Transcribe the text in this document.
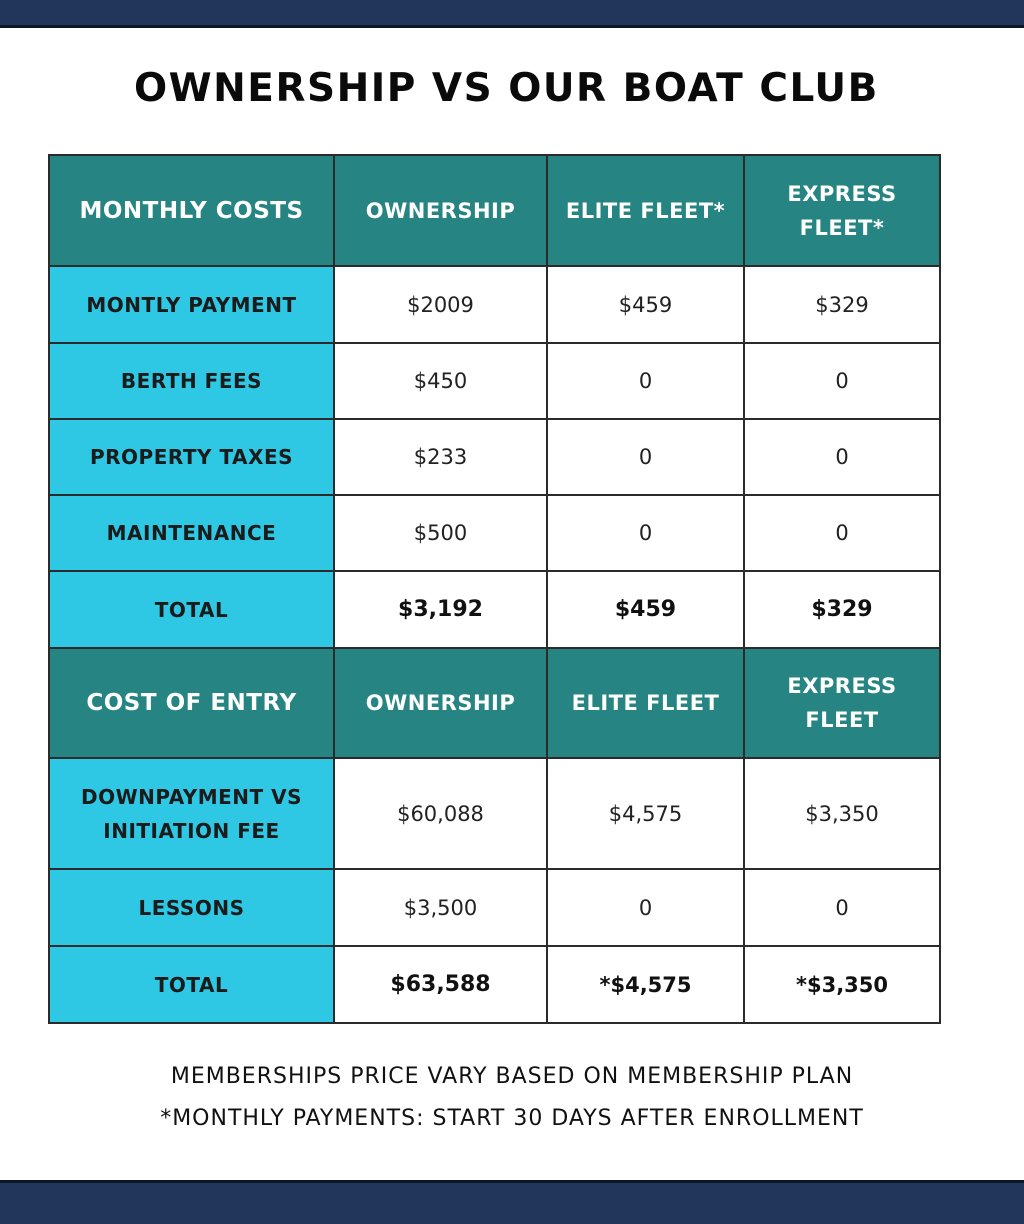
OWNERSHIP VS OUR BOAT CLUB
MONTHLY COSTS	OWNERSHIP	ELITE FLEET*	EXPRESS FLEET*
MONTLY PAYMENT	$2009	$459	$329
BERTH FEES	$450	0	0
PROPERTY TAXES	$233	0	0
MAINTENANCE	$500	0	0
TOTAL	$3,192	$459	$329
COST OF ENTRY	OWNERSHIP	ELITE FLEET	EXPRESS FLEET
DOWNPAYMENT VS INITIATION FEE	$60,088	$4,575	$3,350
LESSONS	$3,500	0	0
TOTAL	$63,588	*$4,575	*$3,350

MEMBERSHIPS PRICE VARY BASED ON MEMBERSHIP PLAN

*MONTHLY PAYMENTS: START 30 DAYS AFTER ENROLLMENT
